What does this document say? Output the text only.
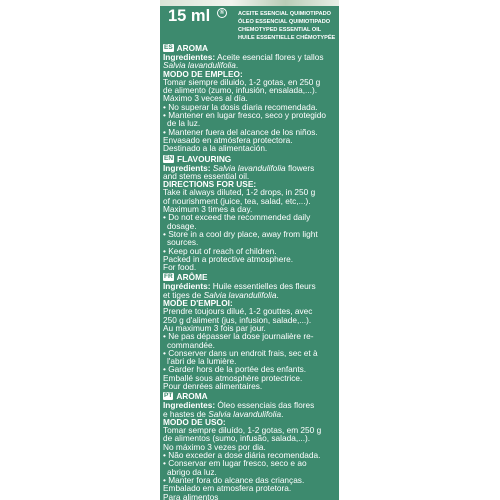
15 ml	®	ACEITE ESENCIAL QUIMIOTIPADO
ÓLEO ESSENCIAL QUIMIOTIPADO
CHEMOTYPED ESSENTIAL OIL
HUILE ESSENTIELLE CHÉMOTYPÉE
ES AROMA
Ingredientes: Aceite esencial flores y tallos
Salvia lavandulifolia.
MODO DE EMPLEO:
Tomar siempre diluido, 1-2 gotas, en 250 g
de alimento (zumo, infusión, ensalada,...).
Máximo 3 veces al día.
• No superar la dosis diaria recomendada.
• Mantener en lugar fresco, seco y protegido
de la luz.
• Mantener fuera del alcance de los niños.
Envasado en atmósfera protectora.
Destinado a la alimentación.
EN FLAVOURING
Ingredients: Salvia lavandulifolia flowers
and stems essential oil.
DIRECTIONS FOR USE:
Take it always diluted, 1-2 drops, in 250 g
of nourishment (juice, tea, salad, etc,...).
Maximum 3 times a day.
• Do not exceed the recommended daily
dosage.
• Store in a cool dry place, away from light
sources.
• Keep out of reach of children.
Packed in a protective atmosphere.
For food.
FR ARÔME
Ingrédients: Huile essentielles des fleurs
et tiges de Salvia lavandulifolia.
MODE D'EMPLOI:
Prendre toujours dilué, 1-2 gouttes, avec
250 g d'aliment (jus, infusion, salade,...).
Au maximum 3 fois par jour.
• Ne pas dépasser la dose journalière re-
commandée.
• Conserver dans un endroit frais, sec et à
l'abri de la lumière.
• Garder hors de la portée des enfants.
Emballé sous atmosphère protectrice.
Pour denrées alimentaires.
PT AROMA
Ingredientes: Óleo essenciais das flores
e hastes de Salvia lavandulifolia.
MODO DE USO:
Tomar sempre diluído, 1-2 gotas, em 250 g
de alimentos (sumo, infusão, salada,...).
No máximo 3 vezes por dia.
• Não exceder a dose diária recomendada.
• Conservar em lugar fresco, seco e ao
abrigo da luz.
• Manter fora do alcance das crianças.
Embalado em atmosfera protetora.
Para alimentos
